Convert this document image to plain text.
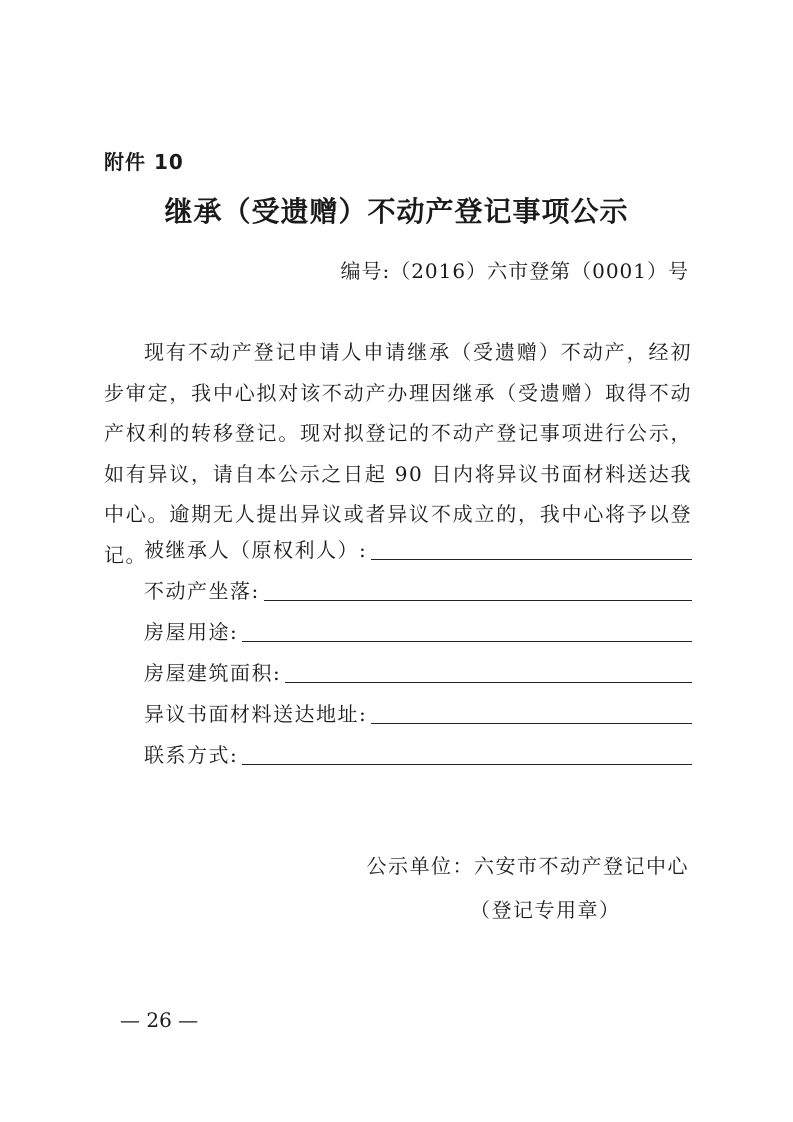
附件 10
继承（受遗赠）不动产登记事项公示
编号:（2016）六市登第（0001）号

现有不动产登记申请人申请继承（受遗赠）不动产，经初步审定，我中心拟对该不动产办理因继承（受遗赠）取得不动产权利的转移登记。现对拟登记的不动产登记事项进行公示，如有异议，请自本公示之日起 90 日内将异议书面材料送达我中心。逾期无人提出异议或者异议不成立的，我中心将予以登记。

被继承人（原权利人）:
不动产坐落:
房屋用途:
房屋建筑面积:
异议书面材料送达地址:
联系方式:
公示单位：六安市不动产登记中心
（登记专用章）
— 26 —
